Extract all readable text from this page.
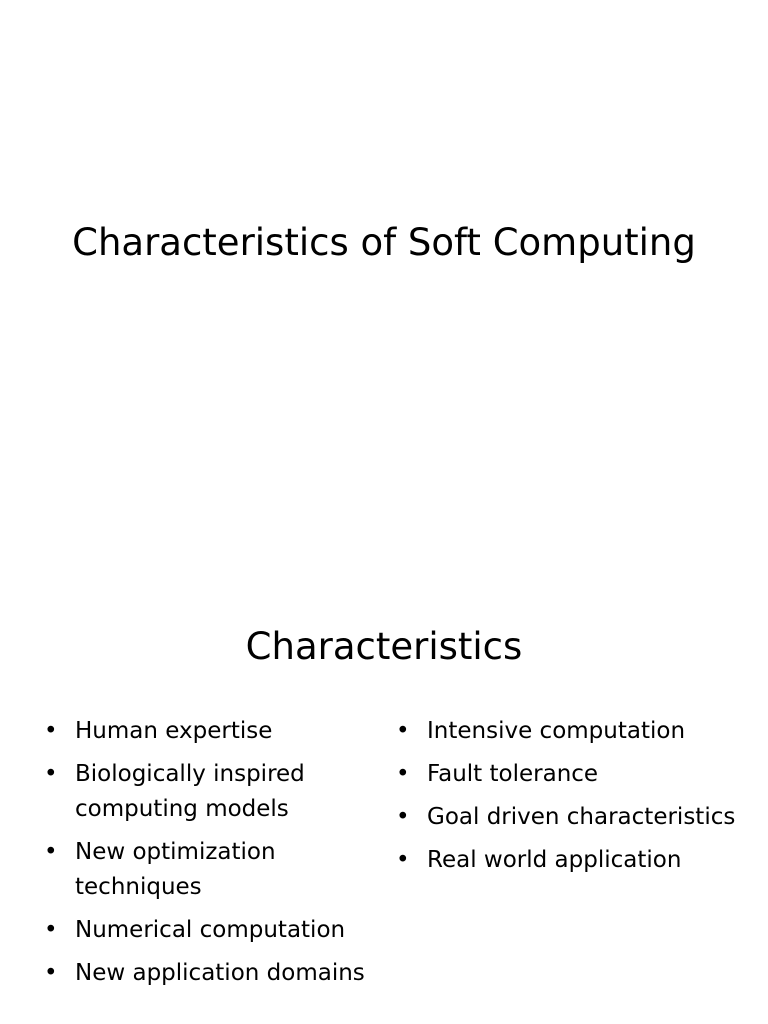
Characteristics of Soft Computing
Characteristics
• Human expertise
• Biologically inspired computing models
• New optimization techniques
• Numerical computation
• New application domains
• Intensive computation
• Fault tolerance
• Goal driven characteristics
• Real world application
